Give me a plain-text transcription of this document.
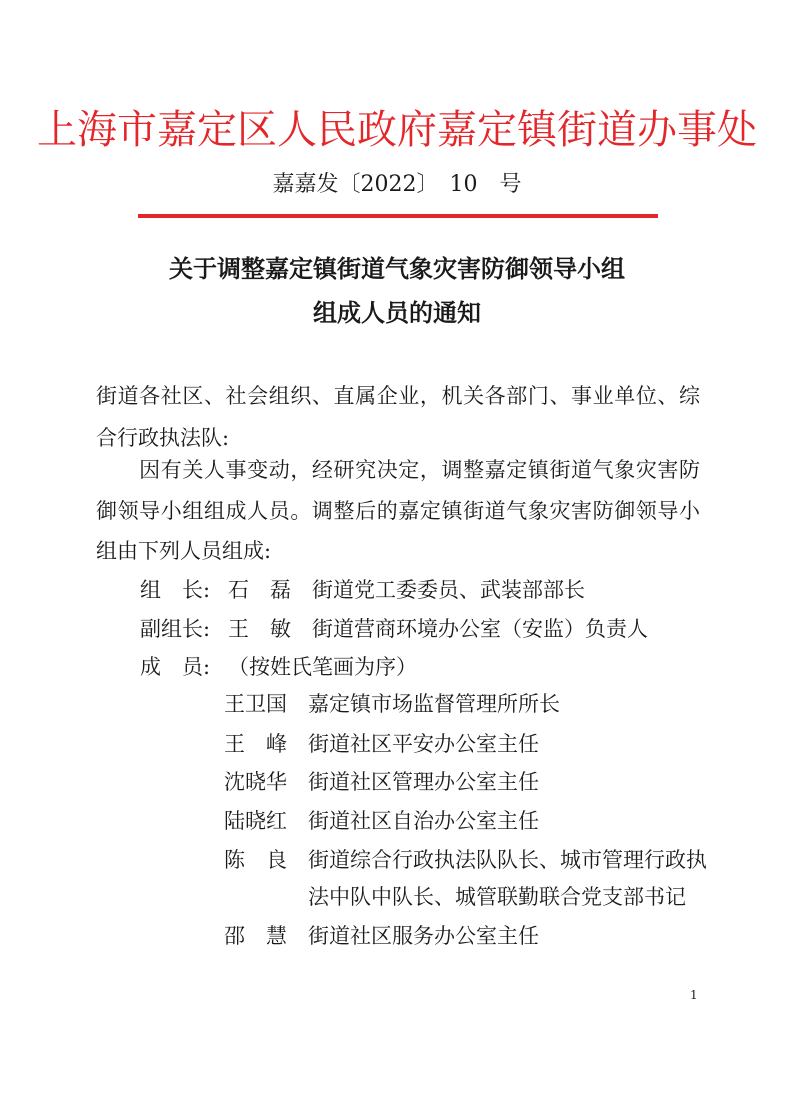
上海市嘉定区人民政府嘉定镇街道办事处
嘉嘉发〔2022〕　10　号
关于调整嘉定镇街道气象灾害防御领导小组
组成人员的通知
街道各社区、社会组织、直属企业，机关各部门、事业单位、综
合行政执法队:
　　因有关人事变动，经研究决定，调整嘉定镇街道气象灾害防
御领导小组组成人员。调整后的嘉定镇街道气象灾害防御领导小
组由下列人员组成:
组　长: 石　磊 街道党工委委员、武装部部长
副组长: 王　敏 街道营商环境办公室（安监）负责人
成　员: （按姓氏笔画为序）
王卫国 嘉定镇市场监督管理所所长
王　峰 街道社区平安办公室主任
沈晓华 街道社区管理办公室主任
陆晓红 街道社区自治办公室主任
陈　良 街道综合行政执法队队长、城市管理行政执
法中队中队长、城管联勤联合党支部书记
邵　慧 街道社区服务办公室主任
1
